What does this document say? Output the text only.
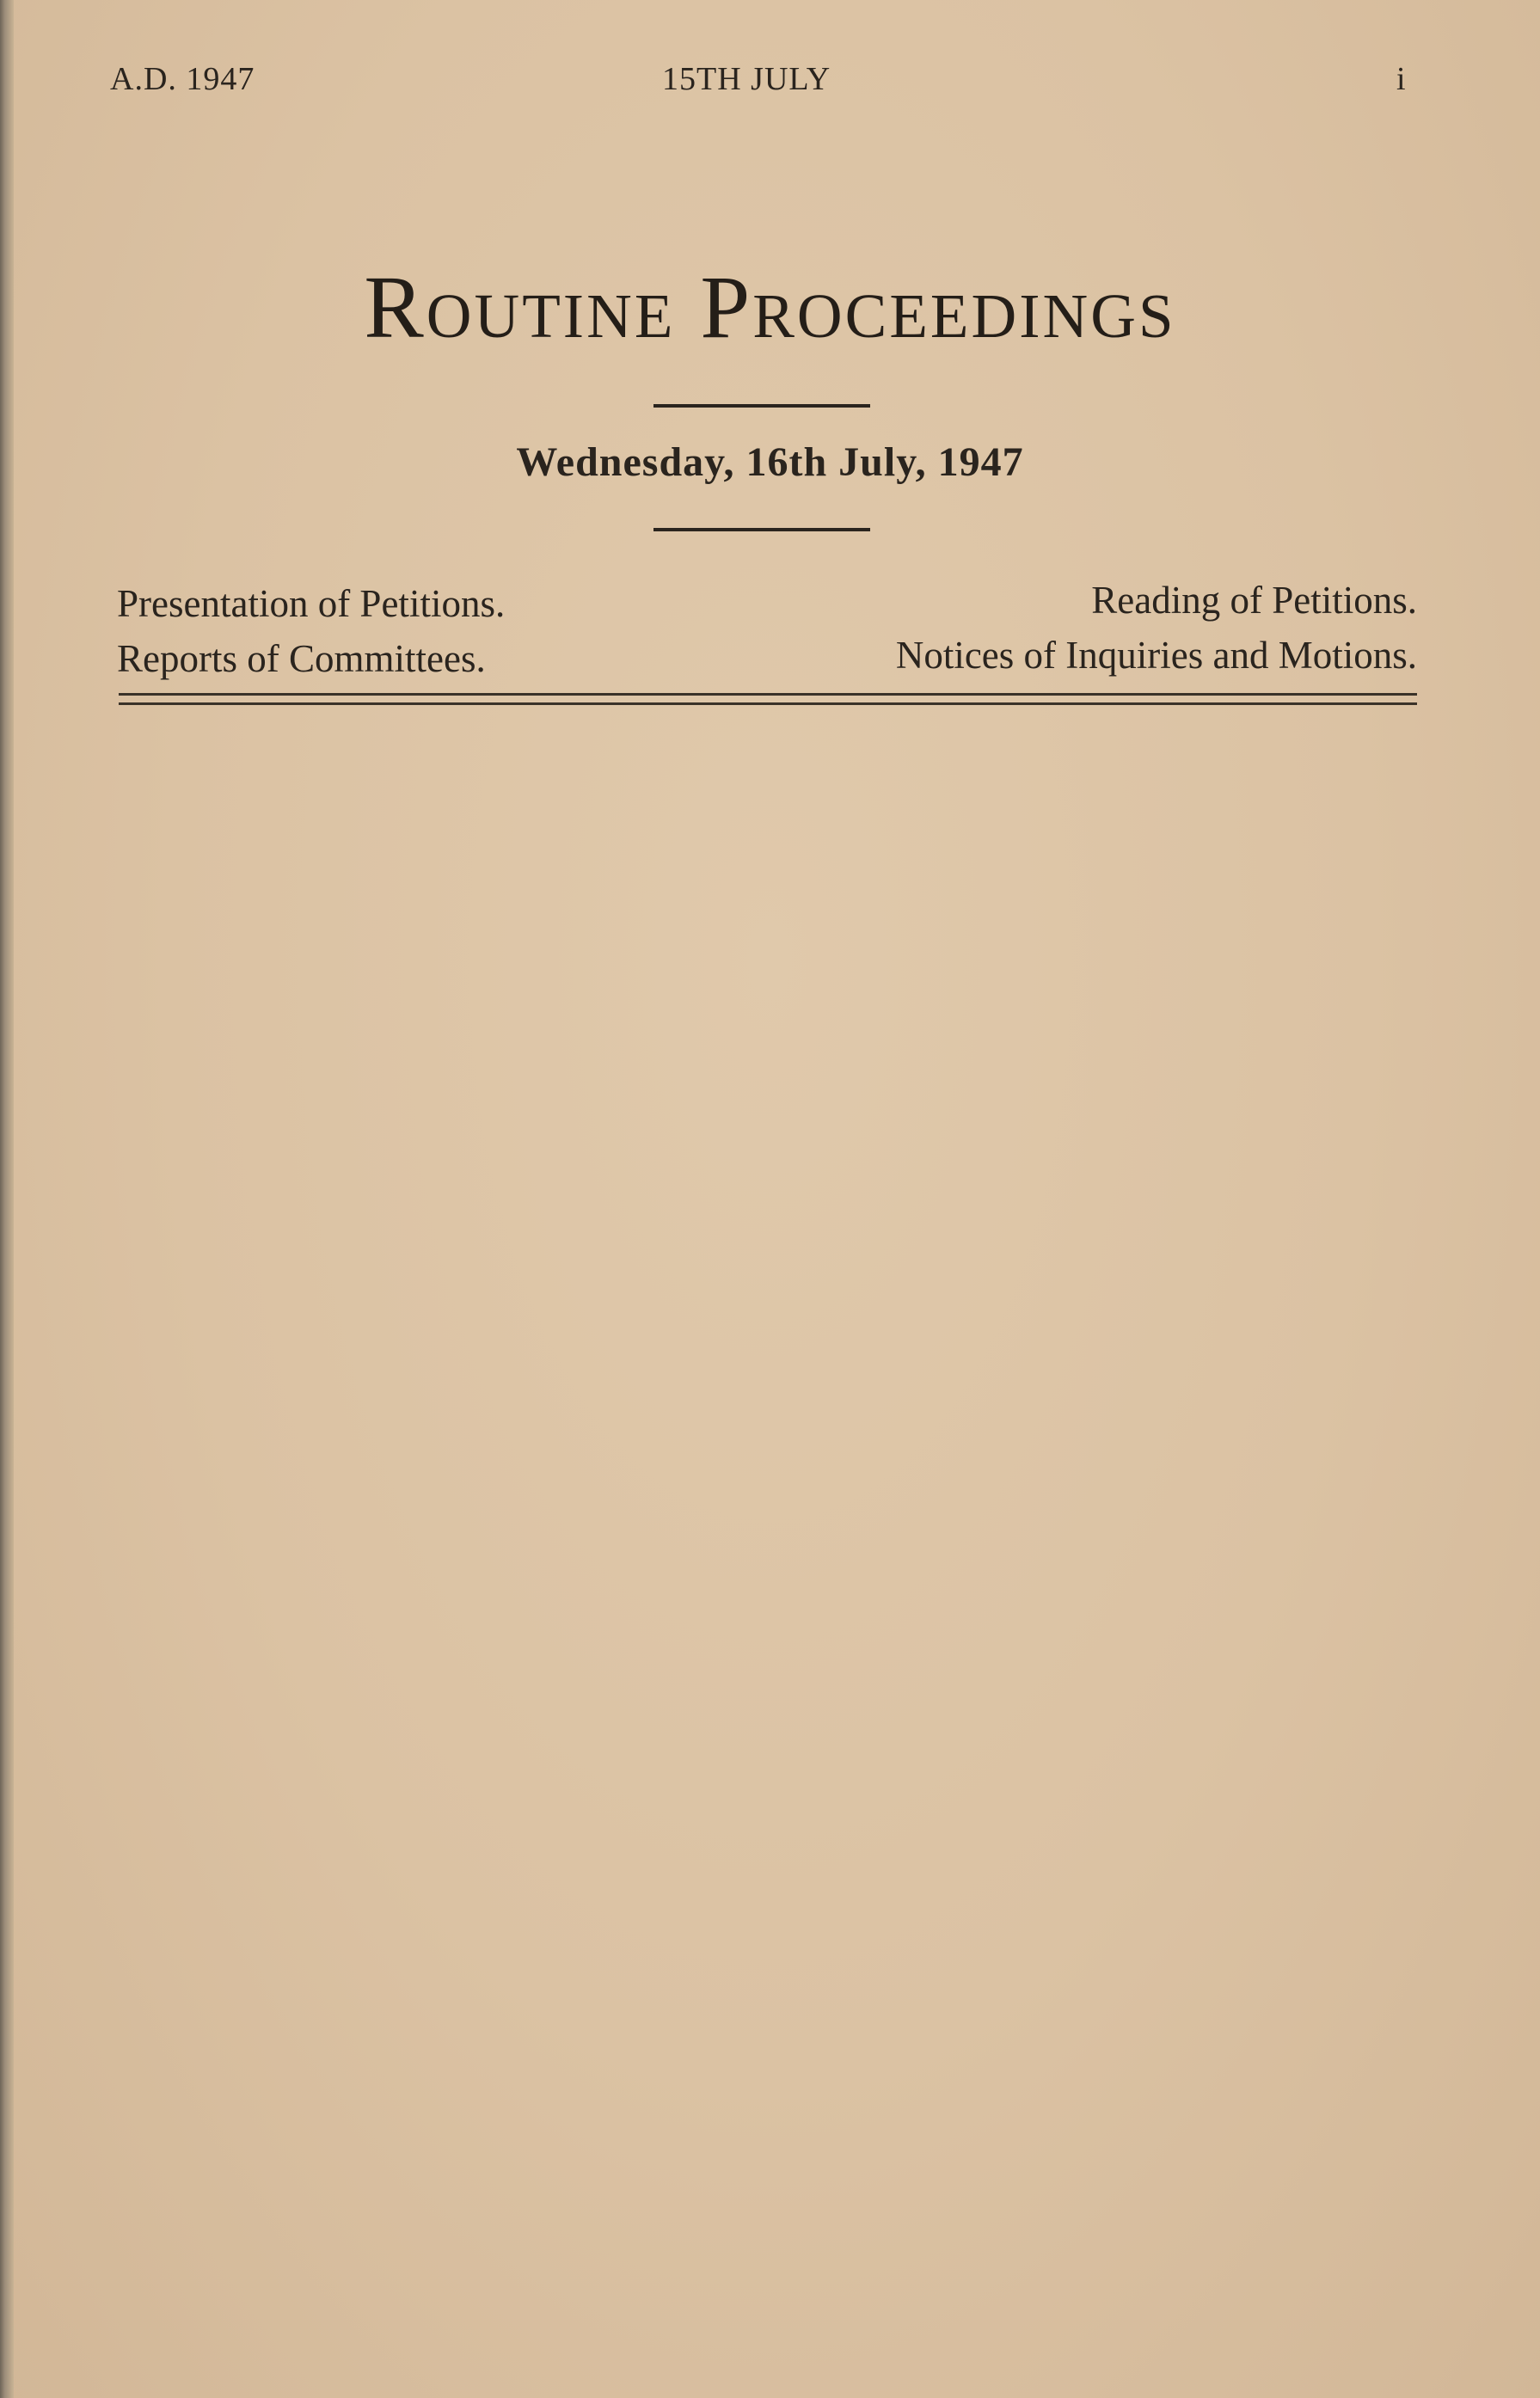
A.D. 1947	15TH JULY	i
Routine Proceedings
Wednesday, 16th July, 1947
Presentation of Petitions.
Reports of Committees.
Reading of Petitions.
Notices of Inquiries and Motions.
